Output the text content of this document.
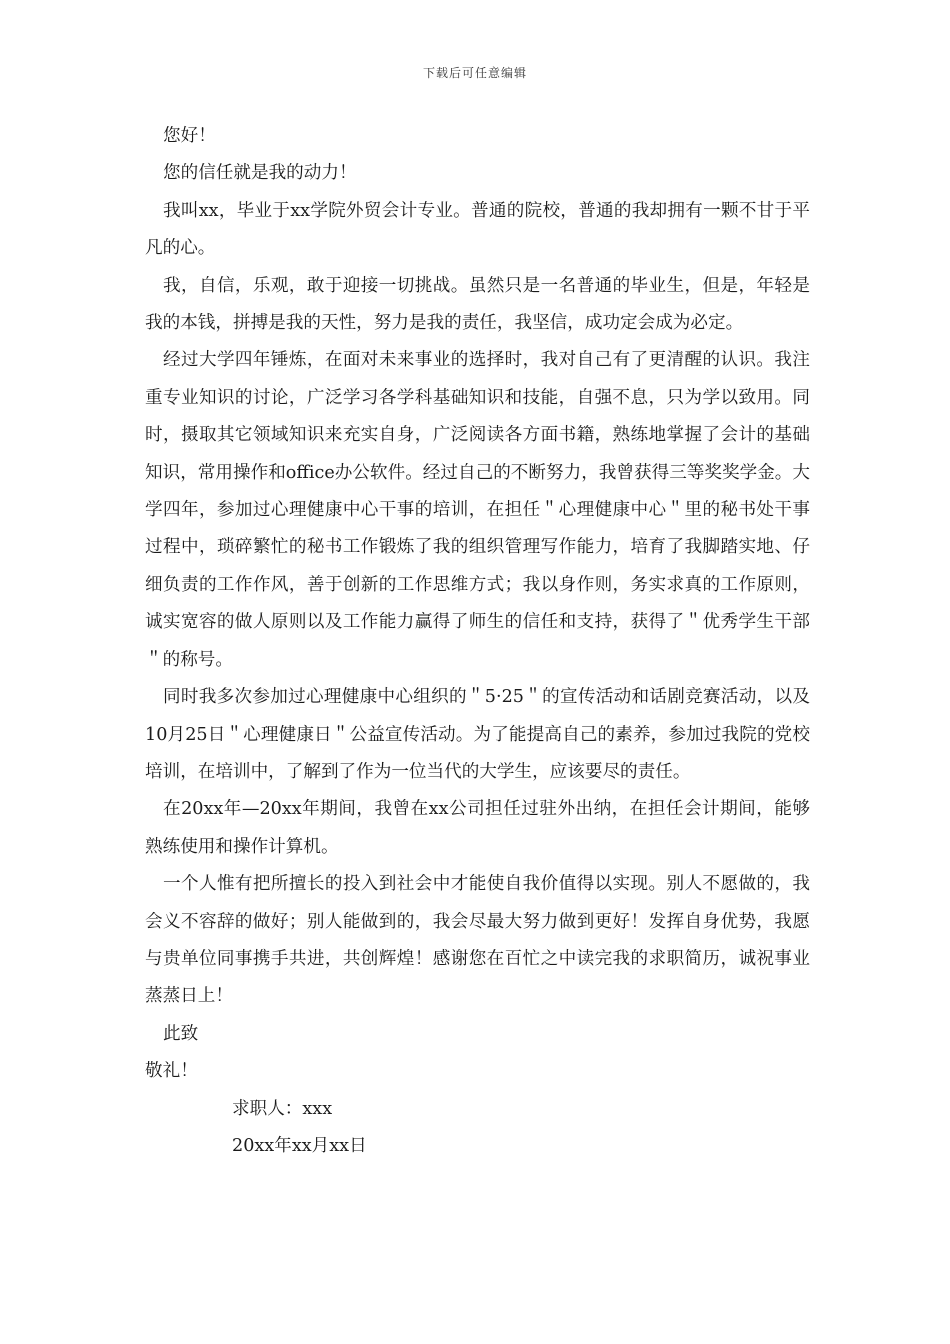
下载后可任意编辑

您好！

您的信任就是我的动力！

我叫xx，毕业于xx学院外贸会计专业。普通的院校，普通的我却拥有一颗不甘于平凡的心。

我，自信，乐观，敢于迎接一切挑战。虽然只是一名普通的毕业生，但是，年轻是我的本钱，拼搏是我的天性，努力是我的责任，我坚信，成功定会成为必定。

经过大学四年锤炼，在面对未来事业的选择时，我对自己有了更清醒的认识。我注重专业知识的讨论，广泛学习各学科基础知识和技能，自强不息，只为学以致用。同时，摄取其它领域知识来充实自身，广泛阅读各方面书籍，熟练地掌握了会计的基础知识，常用操作和office办公软件。经过自己的不断努力，我曾获得三等奖奖学金。大学四年，参加过心理健康中心干事的培训，在担任＂心理健康中心＂里的秘书处干事过程中，琐碎繁忙的秘书工作锻炼了我的组织管理写作能力，培育了我脚踏实地、仔细负责的工作作风，善于创新的工作思维方式；我以身作则，务实求真的工作原则，诚实宽容的做人原则以及工作能力赢得了师生的信任和支持，获得了＂优秀学生干部＂的称号。

同时我多次参加过心理健康中心组织的＂5·25＂的宣传活动和话剧竞赛活动，以及10月25日＂心理健康日＂公益宣传活动。为了能提高自己的素养，参加过我院的党校培训，在培训中，了解到了作为一位当代的大学生，应该要尽的责任。

在20xx年—20xx年期间，我曾在xx公司担任过驻外出纳，在担任会计期间，能够熟练使用和操作计算机。

一个人惟有把所擅长的投入到社会中才能使自我价值得以实现。别人不愿做的，我会义不容辞的做好；别人能做到的，我会尽最大努力做到更好！发挥自身优势，我愿与贵单位同事携手共进，共创辉煌！感谢您在百忙之中读完我的求职简历，诚祝事业蒸蒸日上！

此致

敬礼！

求职人：xxx

20xx年xx月xx日
